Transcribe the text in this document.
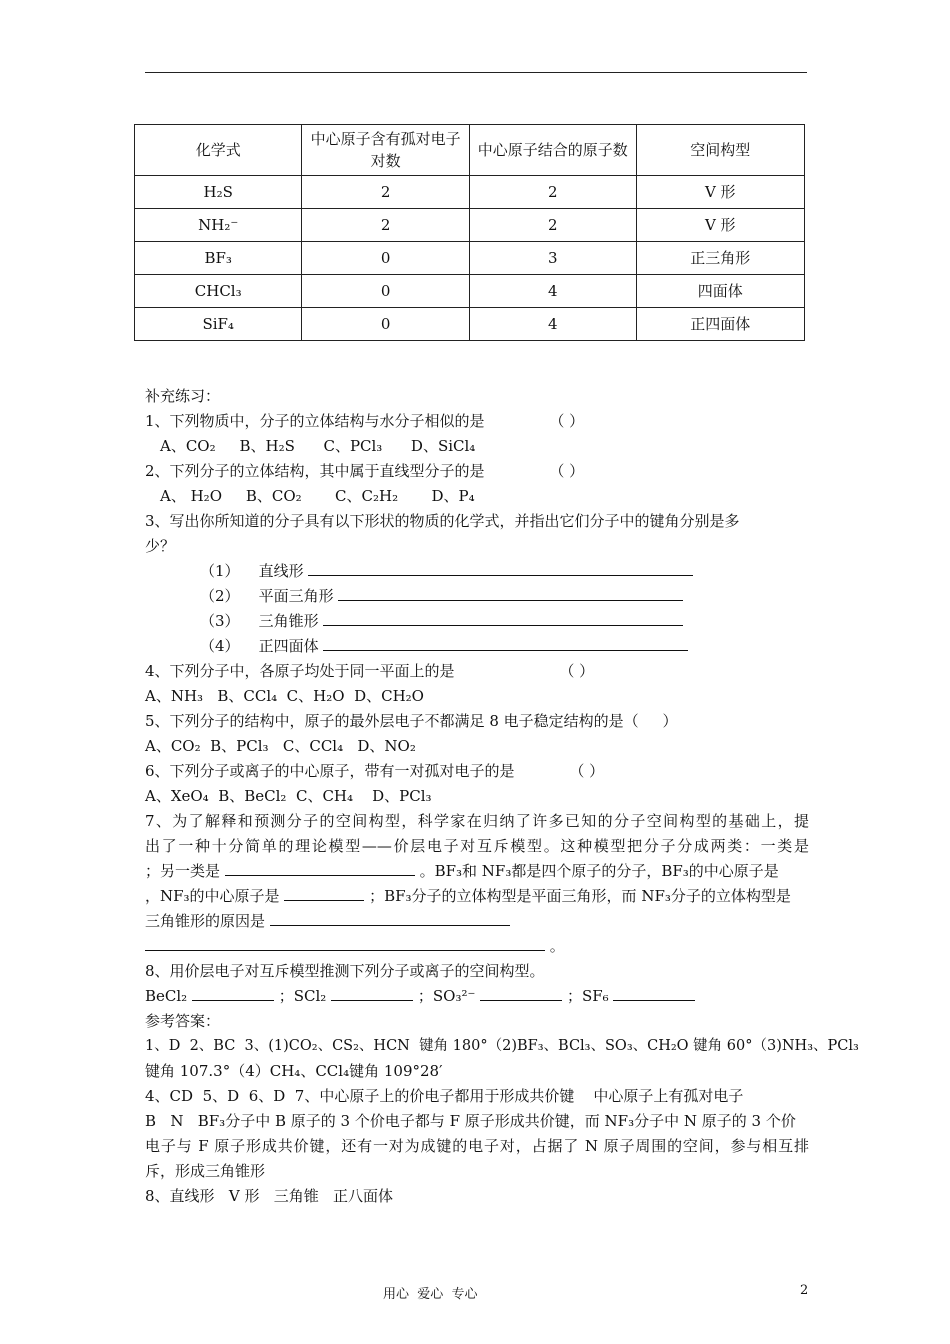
化学式	中心原子含有孤对电子对数	中心原子结合的原子数	空间构型
H₂S	2	2	V 形
NH₂⁻	2	2	V 形
BF₃	0	3	正三角形
CHCl₃	0	4	四面体
SiF₄	0	4	正四面体
补充练习：
1、下列物质中，分子的立体结构与水分子相似的是	（ ）
A、CO₂     B、H₂S      C、PCl₃      D、SiCl₄
2、下列分子的立体结构，其中属于直线型分子的是	（ ）
A、 H₂O     B、CO₂       C、C₂H₂       D、P₄
3、写出你所知道的分子具有以下形状的物质的化学式，并指出它们分子中的键角分别是多
少？
（1）    直线形
（2）    平面三角形
（3）    三角锥形
（4）    正四面体
4、下列分子中，各原子均处于同一平面上的是	（ ）
A、NH₃   B、CCl₄  C、H₂O  D、CH₂O
5、下列分子的结构中，原子的最外层电子不都满足 8 电子稳定结构的是（     ）
A、CO₂  B、PCl₃   C、CCl₄   D、NO₂
6、下列分子或离子的中心原子，带有一对孤对电子的是	（ ）
A、XeO₄  B、BeCl₂  C、CH₄    D、PCl₃
7、为了解释和预测分子的空间构型，科学家在归纳了许多已知的分子空间构型的基础上，提
出了一种十分简单的理论模型——价层电子对互斥模型。这种模型把分子分成两类：一类是
；另一类是	。BF₃和 NF₃都是四个原子的分子，BF₃的中心原子是
，NF₃的中心原子是	；BF₃分子的立体构型是平面三角形，而 NF₃分子的立体构型是
三角锥形的原因是
。
8、用价层电子对互斥模型推测下列分子或离子的空间构型。
BeCl₂	；SCl₂	；SO₃²⁻	；SF₆
参考答案：
1、D  2、BC  3、(1)CO₂、CS₂、HCN  键角 180°（2)BF₃、BCl₃、SO₃、CH₂O 键角 60°（3)NH₃、PCl₃
键角 107.3°（4）CH₄、CCl₄键角 109°28′
4、CD  5、D  6、D  7、中心原子上的价电子都用于形成共价键    中心原子上有孤对电子
B   N   BF₃分子中 B 原子的 3 个价电子都与 F 原子形成共价键，而 NF₃分子中 N 原子的 3 个价
电子与 F 原子形成共价键，还有一对为成键的电子对，占据了 N 原子周围的空间，参与相互排
斥，形成三角锥形
8、直线形   V 形   三角锥   正八面体
用心  爱心  专心	2
